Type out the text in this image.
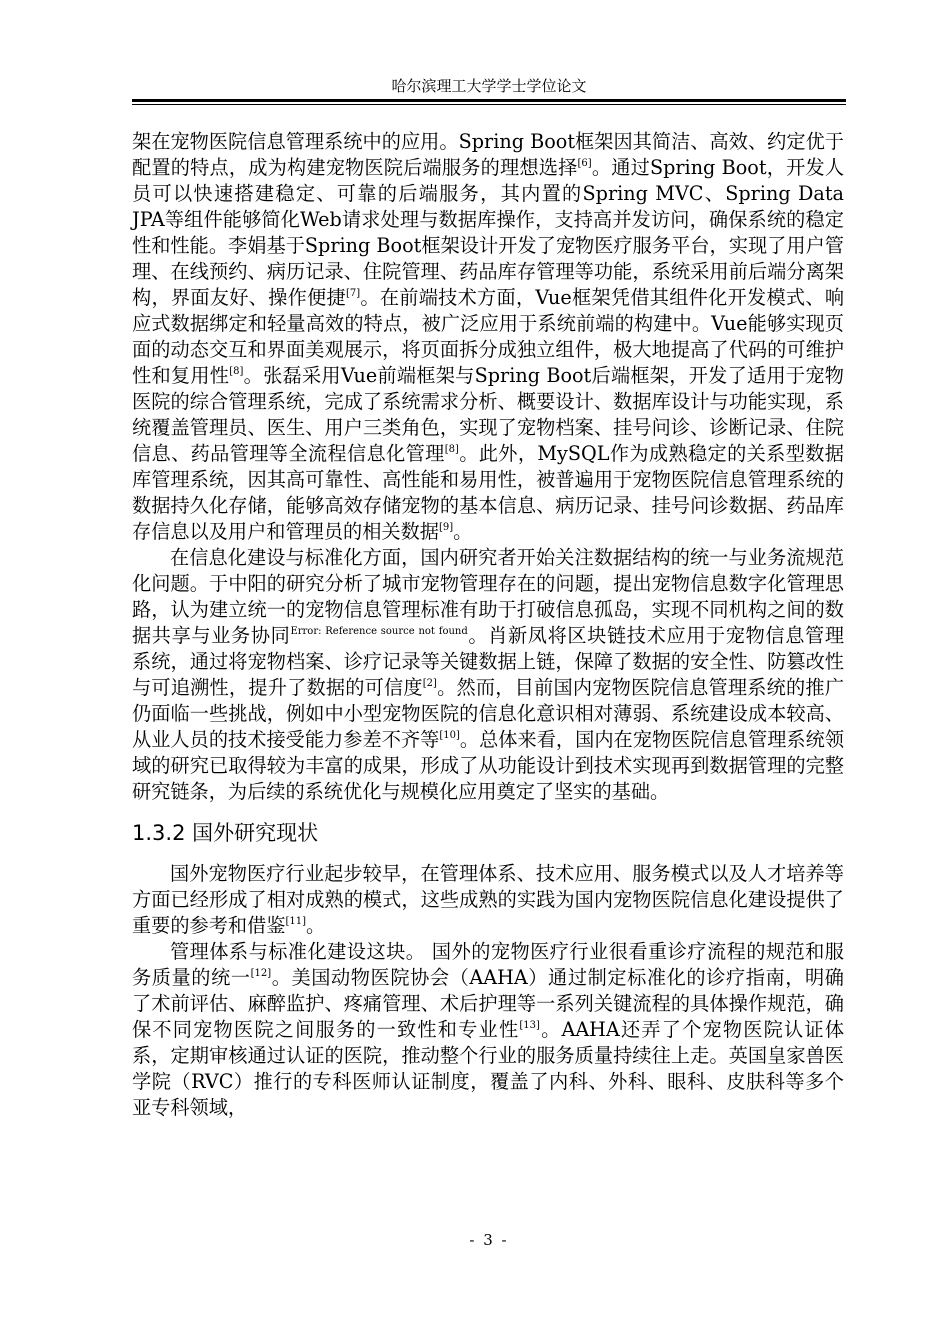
哈尔滨理工大学学士学位论文

架在宠物医院信息管理系统中的应用。Spring Boot框架因其简洁、高效、约定优于配置的特点，成为构建宠物医院后端服务的理想选择[6]。通过Spring Boot，开发人员可以快速搭建稳定、可靠的后端服务，其内置的Spring MVC、Spring Data JPA等组件能够简化Web请求处理与数据库操作，支持高并发访问，确保系统的稳定性和性能。李娟基于Spring Boot框架设计开发了宠物医疗服务平台，实现了用户管理、在线预约、病历记录、住院管理、药品库存管理等功能，系统采用前后端分离架构，界面友好、操作便捷[7]。在前端技术方面，Vue框架凭借其组件化开发模式、响应式数据绑定和轻量高效的特点，被广泛应用于系统前端的构建中。Vue能够实现页面的动态交互和界面美观展示，将页面拆分成独立组件，极大地提高了代码的可维护性和复用性[8]。张磊采用Vue前端框架与Spring Boot后端框架，开发了适用于宠物医院的综合管理系统，完成了系统需求分析、概要设计、数据库设计与功能实现，系统覆盖管理员、医生、用户三类角色，实现了宠物档案、挂号问诊、诊断记录、住院信息、药品管理等全流程信息化管理[8]。此外，MySQL作为成熟稳定的关系型数据库管理系统，因其高可靠性、高性能和易用性，被普遍用于宠物医院信息管理系统的数据持久化存储，能够高效存储宠物的基本信息、病历记录、挂号问诊数据、药品库存信息以及用户和管理员的相关数据[9]。

在信息化建设与标准化方面，国内研究者开始关注数据结构的统一与业务流规范化问题。于中阳的研究分析了城市宠物管理存在的问题，提出宠物信息数字化管理思路，认为建立统一的宠物信息管理标准有助于打破信息孤岛，实现不同机构之间的数据共享与业务协同$^{Error: Reference source not found}$。肖新凤将区块链技术应用于宠物信息管理系统，通过将宠物档案、诊疗记录等关键数据上链，保障了数据的安全性、防篡改性与可追溯性，提升了数据的可信度[2]。然而，目前国内宠物医院信息管理系统的推广仍面临一些挑战，例如中小型宠物医院的信息化意识相对薄弱、系统建设成本较高、从业人员的技术接受能力参差不齐等[10]。总体来看，国内在宠物医院信息管理系统领域的研究已取得较为丰富的成果，形成了从功能设计到技术实现再到数据管理的完整研究链条，为后续的系统优化与规模化应用奠定了坚实的基础。

1.3.2 国外研究现状

国外宠物医疗行业起步较早，在管理体系、技术应用、服务模式以及人才培养等方面已经形成了相对成熟的模式，这些成熟的实践为国内宠物医院信息化建设提供了重要的参考和借鉴[11]。

管理体系与标准化建设这块。 国外的宠物医疗行业很看重诊疗流程的规范和服务质量的统一[12]。美国动物医院协会（AAHA）通过制定标准化的诊疗指南，明确了术前评估、麻醉监护、疼痛管理、术后护理等一系列关键流程的具体操作规范，确保不同宠物医院之间服务的一致性和专业性[13]。AAHA还弄了个宠物医院认证体系，定期审核通过认证的医院，推动整个行业的服务质量持续往上走。英国皇家兽医学院（RVC）推行的专科医师认证制度，覆盖了内科、外科、眼科、皮肤科等多个亚专科领域，

- 3 -
